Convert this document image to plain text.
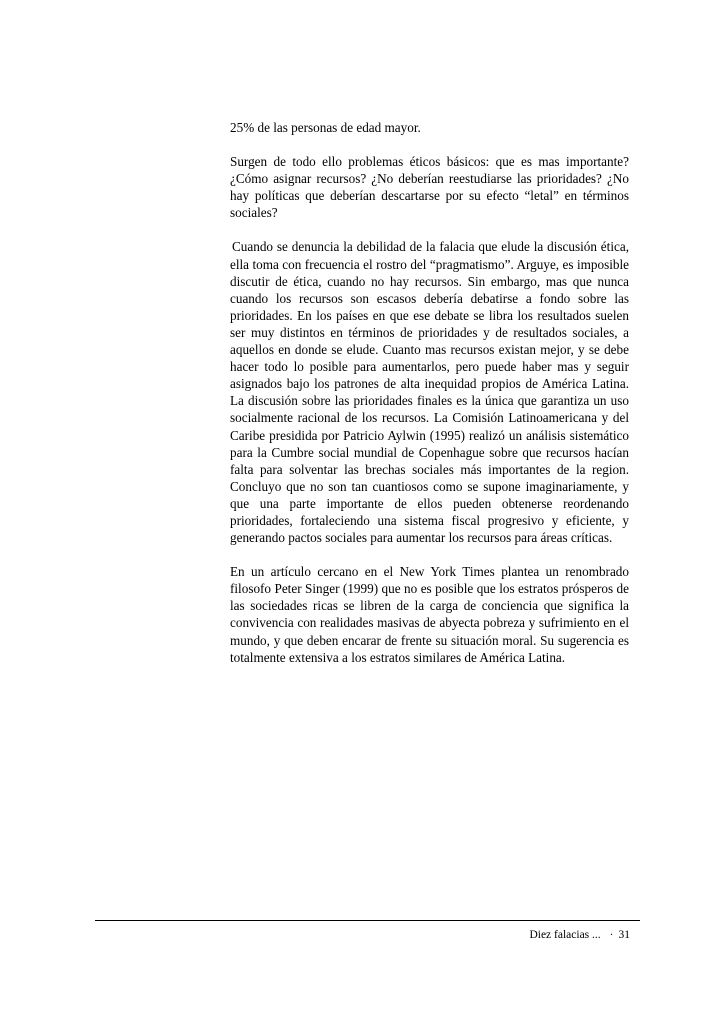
25% de las personas de edad mayor.

Surgen de todo ello problemas éticos básicos: que es mas importante? ¿Cómo asignar recursos? ¿No deberían reestudiarse las prioridades? ¿No hay políticas que deberían descartarse por su efecto “letal” en términos sociales?

Cuando se denuncia la debilidad de la falacia que elude la discusión ética, ella toma con frecuencia el rostro del “pragmatismo”. Arguye, es imposible discutir de ética, cuando no hay recursos. Sin embargo, mas que nunca cuando los recursos son escasos debería debatirse a fondo sobre las prioridades. En los países en que ese debate se libra los resultados suelen ser muy distintos en términos de prioridades y de resultados sociales, a aquellos en donde se elude. Cuanto mas recursos existan mejor, y se debe hacer todo lo posible para aumentarlos, pero puede haber mas y seguir asignados bajo los patrones de alta inequidad propios de América Latina. La discusión sobre las prioridades finales es la única que garantiza un uso socialmente racional de los recursos. La Comisión Latinoamericana y del Caribe presidida por Patricio Aylwin (1995) realizó un análisis sistemático para la Cumbre social mundial de Copenhague sobre que recursos hacían falta para solventar las brechas sociales más importantes de la region. Concluyo que no son tan cuantiosos como se supone imaginariamente, y que una parte importante de ellos pueden obtenerse reordenando prioridades, fortaleciendo una sistema fiscal progresivo y eficiente, y generando pactos sociales para aumentar los recursos para áreas críticas.

En un artículo cercano en el New York Times plantea un renombrado filosofo Peter Singer (1999) que no es posible que los estratos prósperos de las sociedades ricas se libren de la carga de conciencia que significa la convivencia con realidades masivas de abyecta pobreza y sufrimiento en el mundo, y que deben encarar de frente su situación moral. Su sugerencia es totalmente extensiva a los estratos similares de América Latina.

Diez falacias ... · 31
